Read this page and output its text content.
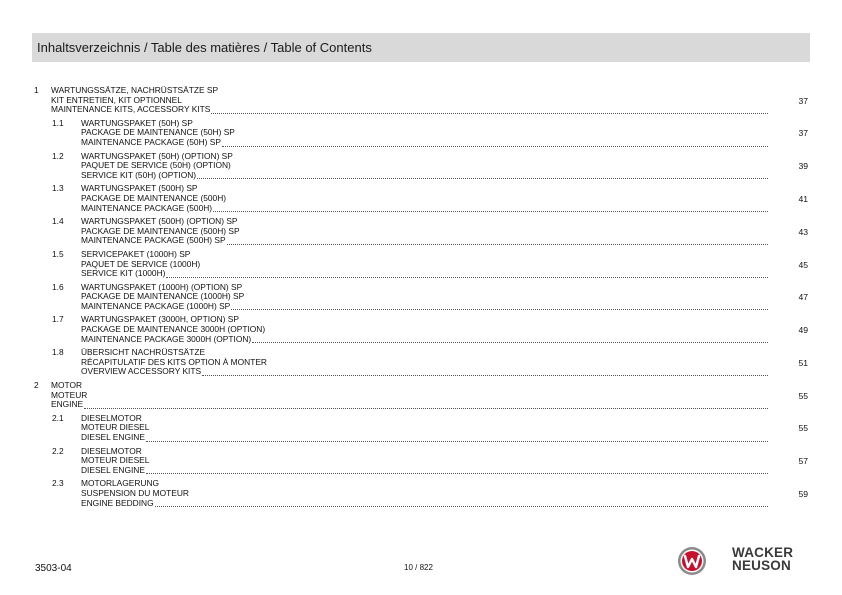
Inhaltsverzeichnis / Table des matières / Table of Contents
1 WARTUNGSSÄTZE, NACHRÜSTSÄTZE SP
KIT ENTRETIEN, KIT OPTIONNEL
MAINTENANCE KITS, ACCESSORY KITS
37
1.1 WARTUNGSPAKET (50H) SP
PACKAGE DE MAINTENANCE (50H) SP
MAINTENANCE PACKAGE (50H) SP
37
1.2 WARTUNGSPAKET (50H) (OPTION) SP
PAQUET DE SERVICE (50H) (OPTION)
SERVICE KIT (50H) (OPTION)
39
1.3 WARTUNGSPAKET (500H) SP
PACKAGE DE MAINTENANCE (500H)
MAINTENANCE PACKAGE (500H)
41
1.4 WARTUNGSPAKET (500H) (OPTION) SP
PACKAGE DE MAINTENANCE (500H) SP
MAINTENANCE PACKAGE (500H) SP
43
1.5 SERVICEPAKET (1000H) SP
PAQUET DE SERVICE (1000H)
SERVICE KIT (1000H)
45
1.6 WARTUNGSPAKET (1000H) (OPTION) SP
PACKAGE DE MAINTENANCE (1000H) SP
MAINTENANCE PACKAGE (1000H) SP
47
1.7 WARTUNGSPAKET (3000H, OPTION) SP
PACKAGE DE MAINTENANCE 3000H (OPTION)
MAINTENANCE PACKAGE 3000H (OPTION)
49
1.8 ÜBERSICHT NACHRÜSTSÄTZE
RÉCAPITULATIF DES KITS OPTION À MONTER
OVERVIEW ACCESSORY KITS
51
2 MOTOR
MOTEUR
ENGINE
55
2.1 DIESELMOTOR
MOTEUR DIESEL
DIESEL ENGINE
55
2.2 DIESELMOTOR
MOTEUR DIESEL
DIESEL ENGINE
57
2.3 MOTORLAGERUNG
SUSPENSION DU MOTEUR
ENGINE BEDDING
59
3503-04	10 / 822
WACKER
NEUSON
